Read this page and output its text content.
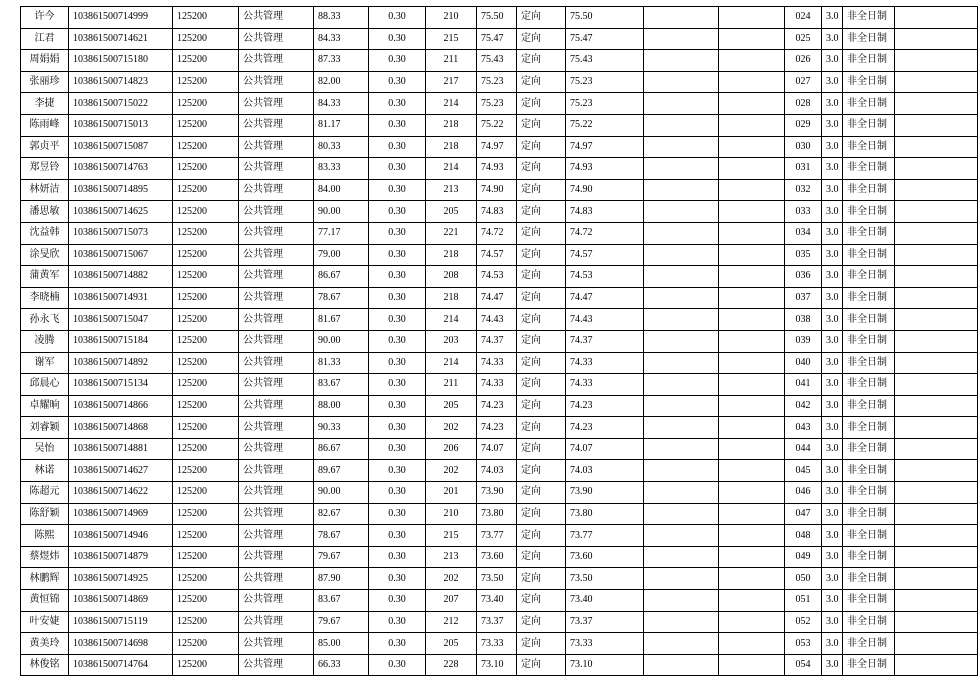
许今	103861500714999	125200	公共管理	88.33	0.30	210	75.50	定向	75.50			024	3.0	非全日制	
江君	103861500714621	125200	公共管理	84.33	0.30	215	75.47	定向	75.47			025	3.0	非全日制	
周娟娟	103861500715180	125200	公共管理	87.33	0.30	211	75.43	定向	75.43			026	3.0	非全日制	
张丽珍	103861500714823	125200	公共管理	82.00	0.30	217	75.23	定向	75.23			027	3.0	非全日制	
李捷	103861500715022	125200	公共管理	84.33	0.30	214	75.23	定向	75.23			028	3.0	非全日制	
陈雨峰	103861500715013	125200	公共管理	81.17	0.30	218	75.22	定向	75.22			029	3.0	非全日制	
郭贞平	103861500715087	125200	公共管理	80.33	0.30	218	74.97	定向	74.97			030	3.0	非全日制	
郑昱铃	103861500714763	125200	公共管理	83.33	0.30	214	74.93	定向	74.93			031	3.0	非全日制	
林妍洁	103861500714895	125200	公共管理	84.00	0.30	213	74.90	定向	74.90			032	3.0	非全日制	
潘思敏	103861500714625	125200	公共管理	90.00	0.30	205	74.83	定向	74.83			033	3.0	非全日制	
沈益韩	103861500715073	125200	公共管理	77.17	0.30	221	74.72	定向	74.72			034	3.0	非全日制	
涂旻欣	103861500715067	125200	公共管理	79.00	0.30	218	74.57	定向	74.57			035	3.0	非全日制	
蒲黄军	103861500714882	125200	公共管理	86.67	0.30	208	74.53	定向	74.53			036	3.0	非全日制	
李晓楠	103861500714931	125200	公共管理	78.67	0.30	218	74.47	定向	74.47			037	3.0	非全日制	
孙永飞	103861500715047	125200	公共管理	81.67	0.30	214	74.43	定向	74.43			038	3.0	非全日制	
凌腾	103861500715184	125200	公共管理	90.00	0.30	203	74.37	定向	74.37			039	3.0	非全日制	
谢军	103861500714892	125200	公共管理	81.33	0.30	214	74.33	定向	74.33			040	3.0	非全日制	
邱晨心	103861500715134	125200	公共管理	83.67	0.30	211	74.33	定向	74.33			041	3.0	非全日制	
卓耀晌	103861500714866	125200	公共管理	88.00	0.30	205	74.23	定向	74.23			042	3.0	非全日制	
刘睿颖	103861500714868	125200	公共管理	90.33	0.30	202	74.23	定向	74.23			043	3.0	非全日制	
吴怡	103861500714881	125200	公共管理	86.67	0.30	206	74.07	定向	74.07			044	3.0	非全日制	
林诺	103861500714627	125200	公共管理	89.67	0.30	202	74.03	定向	74.03			045	3.0	非全日制	
陈超元	103861500714622	125200	公共管理	90.00	0.30	201	73.90	定向	73.90			046	3.0	非全日制	
陈舒颖	103861500714969	125200	公共管理	82.67	0.30	210	73.80	定向	73.80			047	3.0	非全日制	
陈熙	103861500714946	125200	公共管理	78.67	0.30	215	73.77	定向	73.77			048	3.0	非全日制	
蔡煜炜	103861500714879	125200	公共管理	79.67	0.30	213	73.60	定向	73.60			049	3.0	非全日制	
林鹏辉	103861500714925	125200	公共管理	87.90	0.30	202	73.50	定向	73.50			050	3.0	非全日制	
黄恒锦	103861500714869	125200	公共管理	83.67	0.30	207	73.40	定向	73.40			051	3.0	非全日制	
叶安婕	103861500715119	125200	公共管理	79.67	0.30	212	73.37	定向	73.37			052	3.0	非全日制	
黄美玲	103861500714698	125200	公共管理	85.00	0.30	205	73.33	定向	73.33			053	3.0	非全日制	
林俊铭	103861500714764	125200	公共管理	66.33	0.30	228	73.10	定向	73.10			054	3.0	非全日制	
